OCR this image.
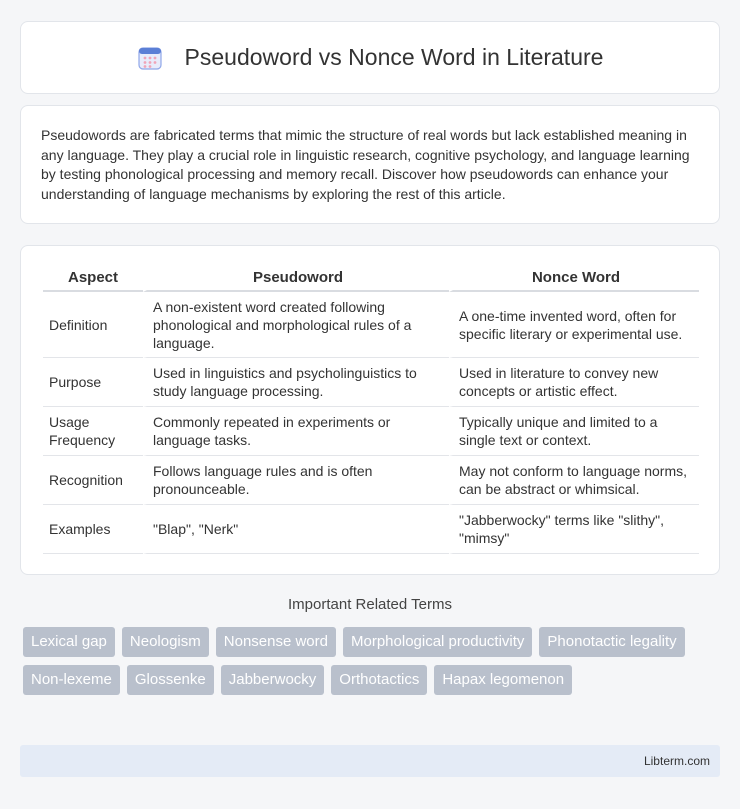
Pseudoword vs Nonce Word in Literature

Pseudowords are fabricated terms that mimic the structure of real words but lack established meaning in any language. They play a crucial role in linguistic research, cognitive psychology, and language learning by testing phonological processing and memory recall. Discover how pseudowords can enhance your understanding of language mechanisms by exploring the rest of this article.

Aspect	Pseudoword	Nonce Word
Definition	A non-existent word created following phonological and morphological rules of a language.	A one-time invented word, often for specific literary or experimental use.
Purpose	Used in linguistics and psycholinguistics to study language processing.	Used in literature to convey new concepts or artistic effect.
Usage Frequency	Commonly repeated in experiments or language tasks.	Typically unique and limited to a single text or context.
Recognition	Follows language rules and is often pronounceable.	May not conform to language norms, can be abstract or whimsical.
Examples	"Blap", "Nerk"	"Jabberwocky" terms like "slithy", "mimsy"
Important Related Terms
Lexical gap	Neologism	Nonsense word	Morphological productivity	Phonotactic legality
Non-lexeme	Glossenke	Jabberwocky	Orthotactics	Hapax legomenon
Libterm.com
